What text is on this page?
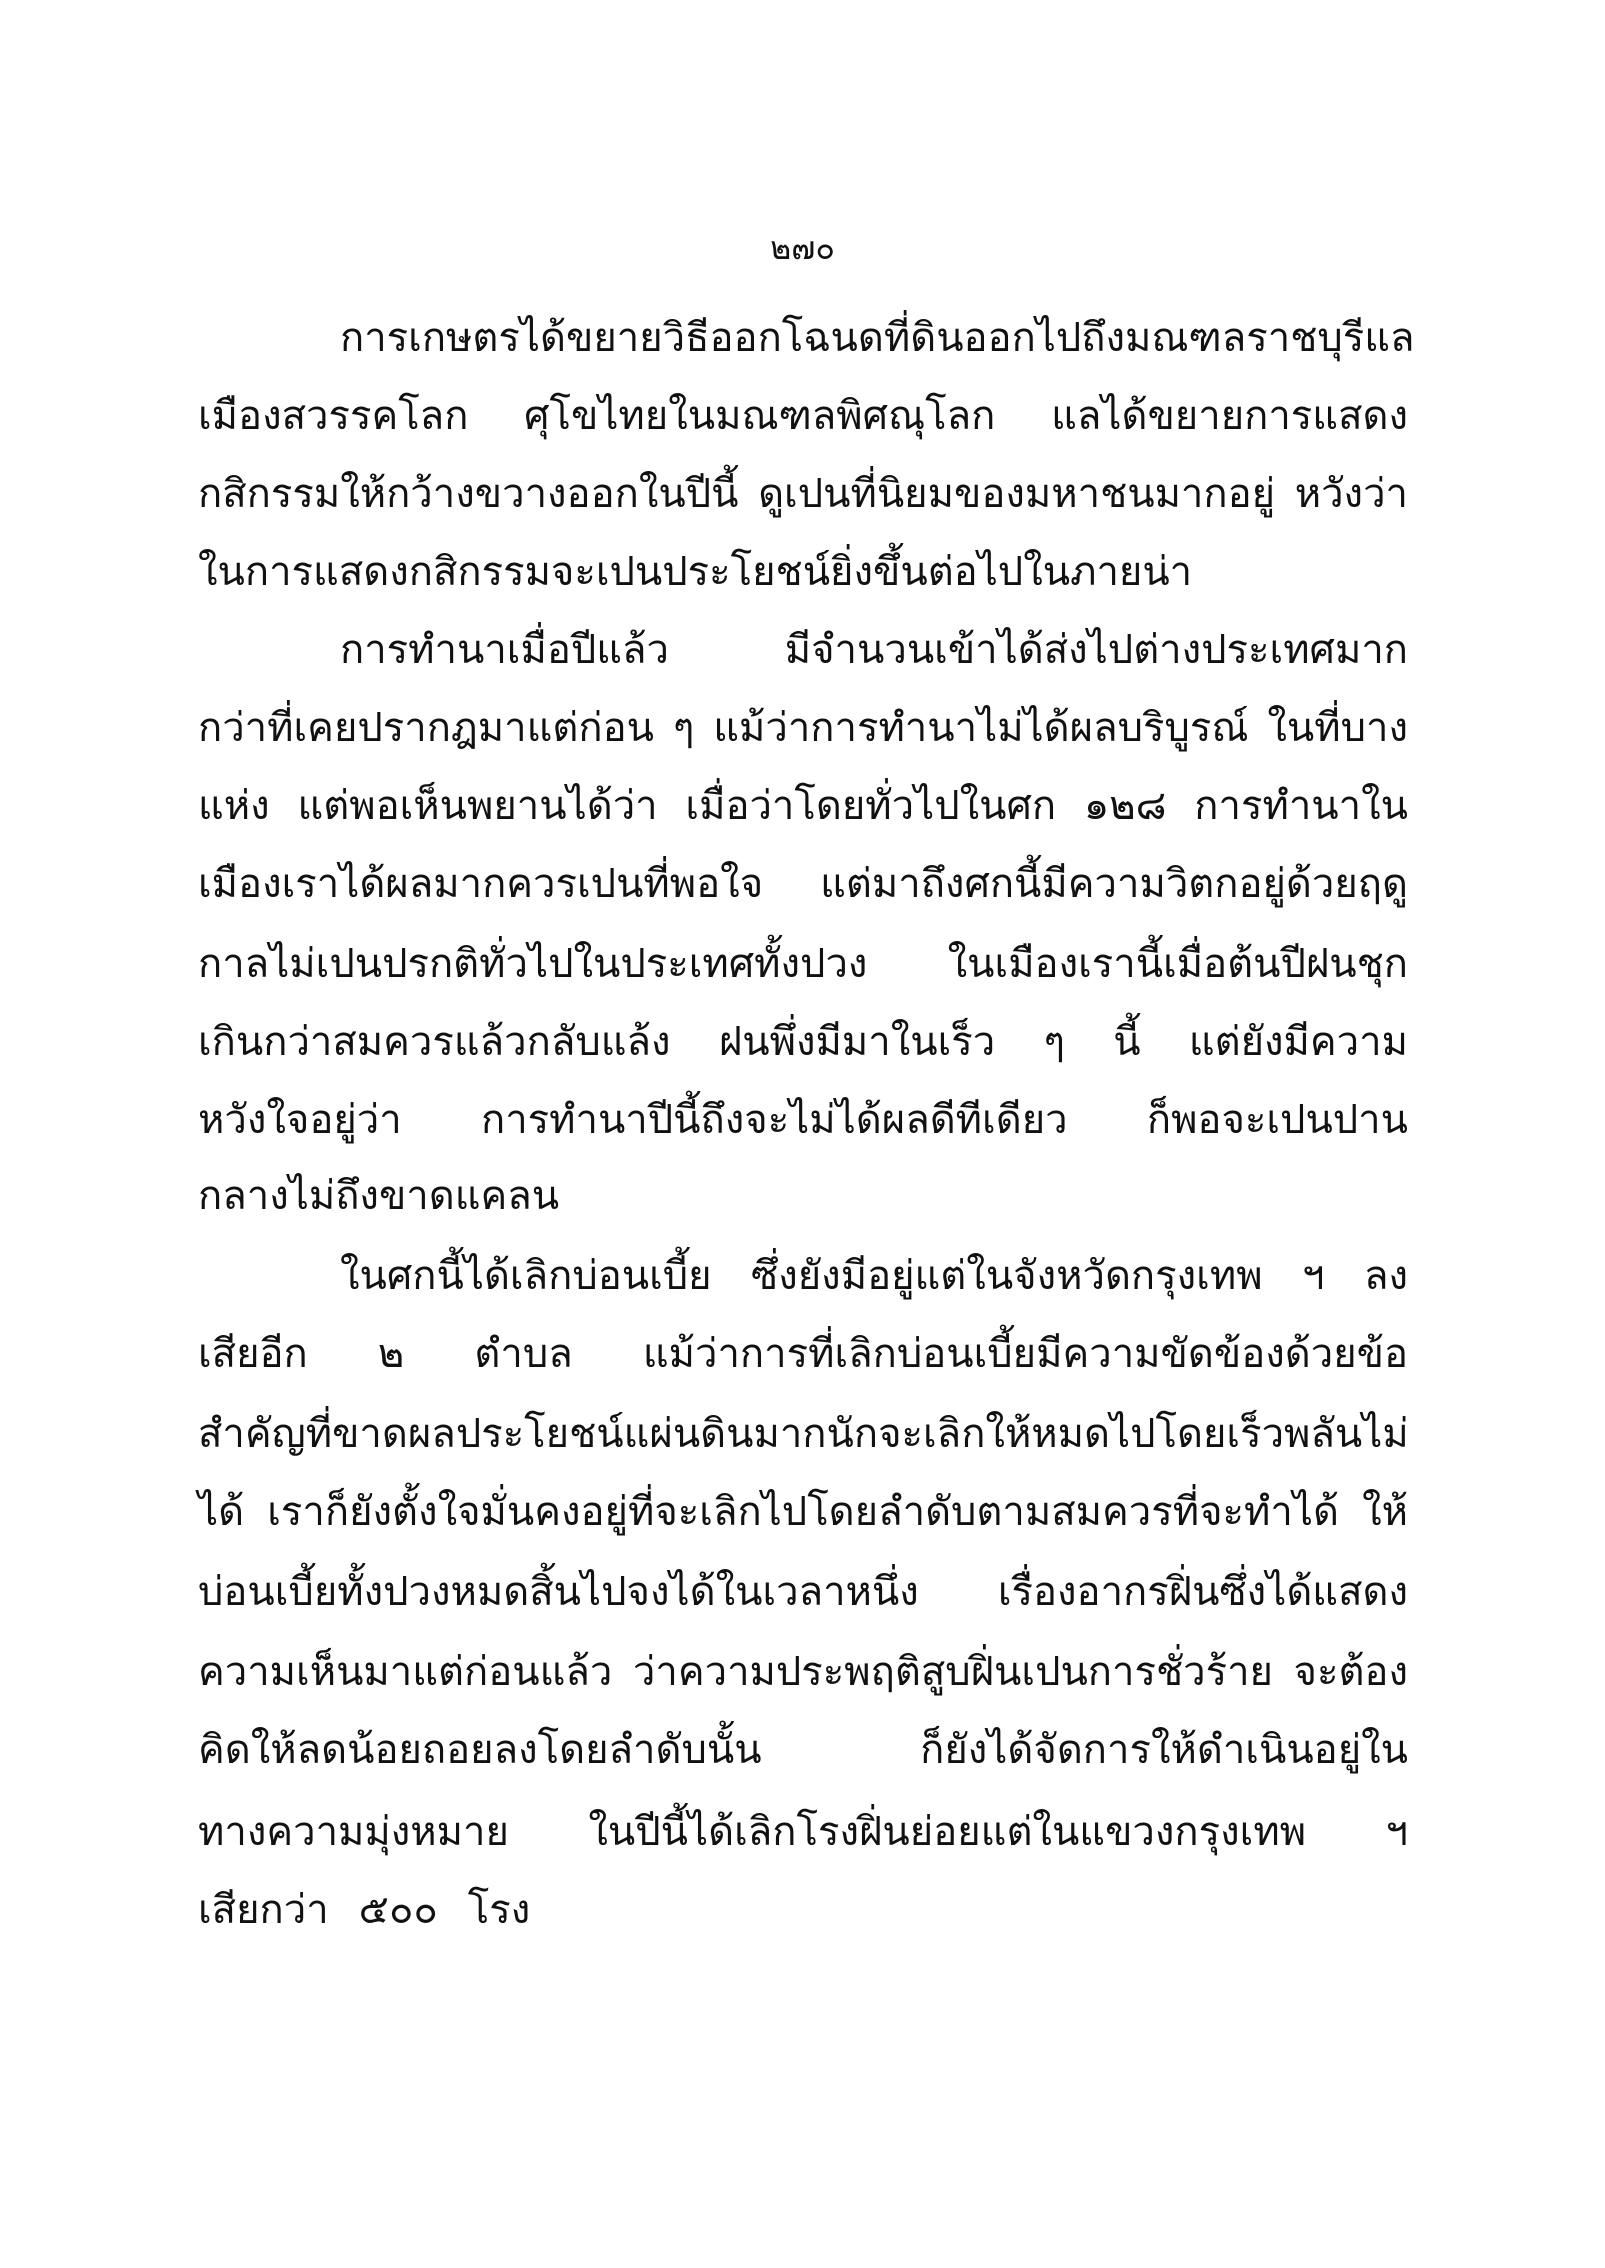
๒๗๐
การเกษตรได้ขยายวิธีออกโฉนดที่ดินออกไปถึงมณฑลราชบุรี แล
เมืองสวรรคโลก ศุโขไทยในมณฑลพิศณุโลก แลได้ขยายการแสดง
กสิกรรมให้กว้างขวางออกในปีนี้ ดูเปนที่นิยมของมหาชนมากอยู่ หวังว่า
ในการแสดงกสิกรรมจะเปนประโยชน์ยิ่งขึ้นต่อไปในภายน่า
การทำนาเมื่อปีแล้ว	มีจำนวนเข้าได้ส่งไปต่างประเทศมาก
กว่าที่เคยปรากฎมาแต่ก่อน ๆ แม้ว่าการทำนาไม่ได้ผลบริบูรณ์ ในที่บาง
แห่ง แต่พอเห็นพยานได้ว่า เมื่อว่าโดยทั่วไปในศก ๑๒๘ การทำนาใน
เมืองเราได้ผลมากควรเปนที่พอใจ แต่มาถึงศกนี้มีความวิตกอยู่ด้วยฤดู
กาลไม่เปนปรกติทั่วไปในประเทศทั้งปวง ในเมืองเรานี้เมื่อต้นปีฝนชุก
เกินกว่าสมควรแล้วกลับแล้ง ฝนพึ่งมีมาในเร็ว ๆ นี้ แต่ยังมีความ
หวังใจอยู่ว่า การทำนาปีนี้ถึงจะไม่ได้ผลดีทีเดียว ก็พอจะเปนปาน
กลางไม่ถึงขาดแคลน
ในศกนี้ได้เลิกบ่อนเบี้ย ซึ่งยังมีอยู่แต่ในจังหวัดกรุงเทพ ฯ ลง
เสียอีก ๒ ตำบล แม้ว่าการที่เลิกบ่อนเบี้ยมีความขัดข้องด้วยข้อ
สำคัญที่ขาดผลประโยชน์ แผ่นดินมากนักจะเลิกให้หมดไปโดยเร็วพลันไม่
ได้ เราก็ยังตั้งใจมั่นคงอยู่ที่จะเลิกไปโดยลำดับตามสมควรที่จะทำได้ ให้
บ่อนเบี้ยทั้งปวงหมดสิ้นไปจงได้ในเวลาหนึ่ง เรื่องอากรฝิ่นซึ่งได้แสดง
ความเห็นมาแต่ก่อนแล้ว ว่าความประพฤติสูบฝิ่นเปนการชั่วร้าย จะต้อง
คิดให้ลดน้อยถอยลงโดยลำดับนั้น	ก็ยังได้จัดการให้ดำเนินอยู่ใน
ทางความมุ่งหมาย ในปีนี้ได้เลิกโรงฝิ่นย่อยแต่ในแขวงกรุงเทพ ฯ
เสียกว่า ๕๐๐ โรง
